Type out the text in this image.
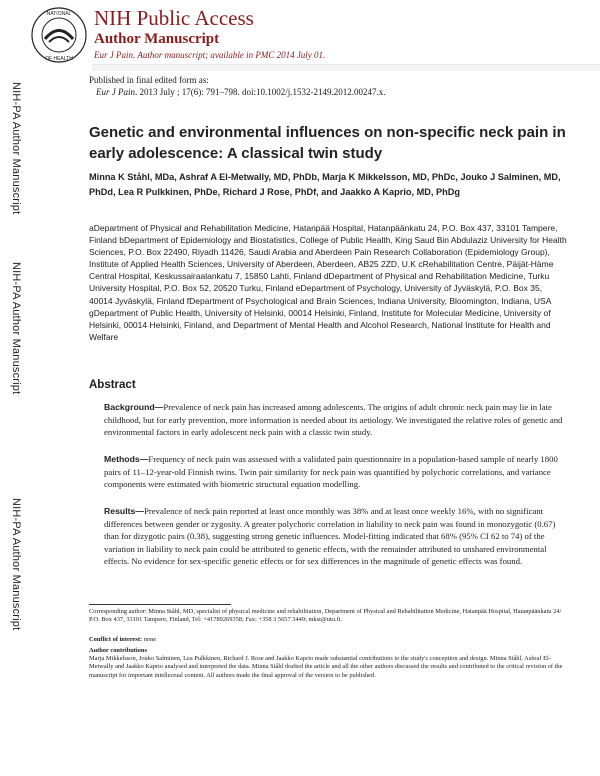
NATIONAL
OF HEALTH
NIH Public Access
Author Manuscript
Eur J Pain. Author manuscript; available in PMC 2014 July 01.
NIH-PA Author Manuscript
NIH-PA Author Manuscript
NIH-PA Author Manuscript
Published in final edited form as:
Eur J Pain. 2013 July ; 17(6): 791–798. doi:10.1002/j.1532-2149.2012.00247.x.
Genetic and environmental influences on non-specific neck pain in early adolescence: A classical twin study
Minna K Ståhl, MDa, Ashraf A El-Metwally, MD, PhDb, Marja K Mikkelsson, MD, PhDc, Jouko J Salminen, MD, PhDd, Lea R Pulkkinen, PhDe, Richard J Rose, PhDf, and Jaakko A Kaprio, MD, PhDg
aDepartment of Physical and Rehabilitation Medicine, Hatanpää Hospital, Hatanpäänkatu 24, P.O. Box 437, 33101 Tampere, Finland bDepartment of Epidemiology and Biostatistics, College of Public Health, King Saud Bin Abdulaziz University for Health Sciences, P.O. Box 22490, Riyadh 11426, Saudi Arabia and Aberdeen Pain Research Collaboration (Epidemiology Group), Institute of Applied Health Sciences, University of Aberdeen, Aberdeen, AB25 2ZD, U.K cRehabilitation Centre, Päijät-Häme Central Hospital, Keskussairaalankatu 7, 15850 Lahti, Finland dDepartment of Physical and Rehabilitation Medicine, Turku University Hospital, P.O. Box 52, 20520 Turku, Finland eDepartment of Psychology, University of Jyväskylä, P.O. Box 35, 40014 Jyväskylä, Finland fDepartment of Psychological and Brain Sciences, Indiana University, Bloomington, Indiana, USA gDepartment of Public Health, University of Helsinki, 00014 Helsinki, Finland, Institute for Molecular Medicine, University of Helsinki, 00014 Helsinki, Finland, and Department of Mental Health and Alcohol Research, National Institute for Health and Welfare
Abstract
Background—Prevalence of neck pain has increased among adolescents. The origins of adult chronic neck pain may lie in late childhood, but for early prevention, more information is needed about its aetiology. We investigated the relative roles of genetic and environmental factors in early adolescent neck pain with a classic twin study.
Methods—Frequency of neck pain was assessed with a validated pain questionnaire in a population-based sample of nearly 1800 pairs of 11–12-year-old Finnish twins. Twin pair similarity for neck pain was quantified by polychoric correlations, and variance components were estimated with biometric structural equation modelling.
Results—Prevalence of neck pain reported at least once monthly was 38% and at least once weekly 16%, with no significant differences between gender or zygosity. A greater polychoric correlation in liability to neck pain was found in monozygotic (0.67) than for dizygotic pairs (0.38), suggesting strong genetic influences. Model-fitting indicated that 68% (95% CI 62 to 74) of the variation in liability to neck pain could be attributed to genetic effects, with the remainder attributed to unshared environmental effects. No evidence for sex-specific genetic effects or for sex differences in the magnitude of genetic effects was found.
Corresponding author: Minna Ståhl, MD, specialist of physical medicine and rehabilitation, Department of Physical and Rehabilitation Medicine, Hatanpää Hospital, Hatanpäänkatu 24/ P.O. Box 437, 33101 Tampere, Finland, Tel: +41789269358; Fax: +358 3 5657 3449; mkst@utu.fi.
Conflict of interest: none
Author contributions
Marja Mikkelsson, Jouko Salminen, Lea Pulkkinen, Richard J. Rose and Jaakko Kaprio made substantial contributions to the study's conception and design. Minna Ståhl, Ashraf El-Metwally and Jaakko Kaprio analysed and interpreted the data. Minna Ståhl drafted the article and all the other authors discussed the results and contributed to the critical revision of the manuscript for important intellectual content. All authors made the final approval of the version to be published.
